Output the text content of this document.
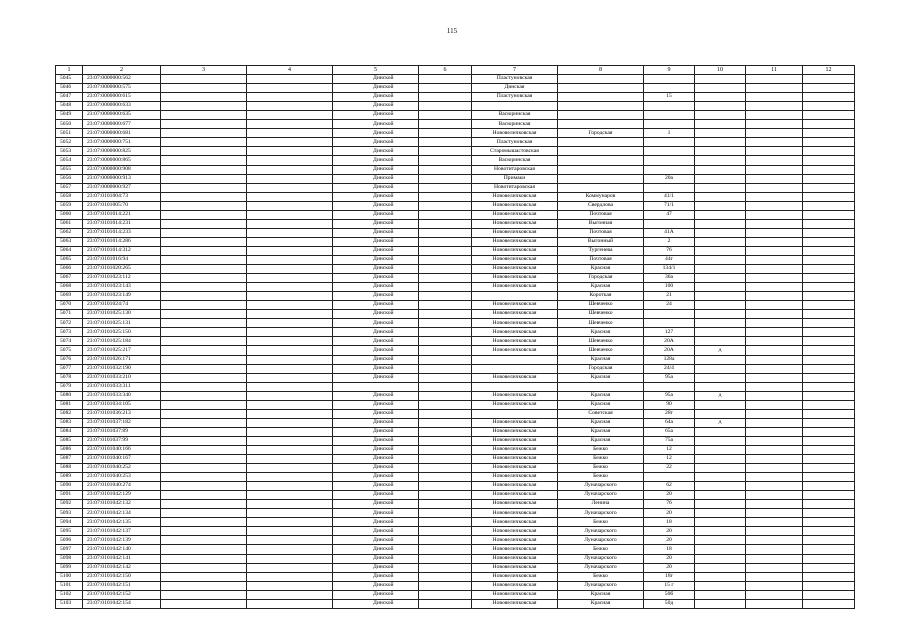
115
1	2	3	4	5	6	7	8	9	10	11	12
5045	23:07:0000000:562			Динской		Пластуновская					
5046	23:07:0000000:575			Динской		Динская					
5047	23:07:0000000:615			Динской		Пластуновская		15			
5048	23:07:0000000:633			Динской							
5049	23:07:0000000:635			Динской		Васюринская					
5050	23:07:0000000:677			Динской		Васюринская					
5051	23:07:0000000:681			Динской		Нововеличковская	Городская	1			
5052	23:07:0000000:751			Динской		Пластуновская					
5053	23:07:0000000:825			Динской		Старомышастовская					
5054	23:07:0000000:865			Динской		Васюринская					
5055	23:07:0000000:908			Динской		Новотитаровская					
5056	23:07:0000000:913			Динской		Примаки		20а			
5057	23:07:0000000:927			Динской		Новотитаровская					
5058	23:07:0101004:73			Динской		Нововеличковская	Коммунаров	41/1			
5059	23:07:0101005:70			Динской		Нововеличковская	Свердлова	71/1			
5060	23:07:0101014:221			Динской		Нововеличковская	Почтовая	47			
5061	23:07:0101014:231			Динской		Нововеличковская	Выгонная				
5062	23:07:0101014:233			Динской		Нововеличковская	Почтовая	41А			
5063	23:07:0101014:286			Динской		Нововеличковская	Выгонный	2			
5064	23:07:0101014:312			Динской		Нововеличковская	Тургенева	76			
5065	23:07:0101016:94			Динской		Нововеличковская	Почтовая	44г			
5066	23:07:0101020:265			Динской		Нововеличковская	Красная	134/1			
5067	23:07:0101023:112			Динской		Нововеличковская	Городская	36а			
5068	23:07:0101023:143			Динской		Нововеличковская	Красная	100			
5069	23:07:0101023:149			Динской			Короткая	21			
5070	23:07:0101024:74			Динской		Нововеличковская	Шевченко	24			
5071	23:07:0101025:130			Динской		Нововеличковская	Шевченко				
5072	23:07:0101025:131			Динской		Нововеличковская	Шевченко				
5073	23:07:0101025:150			Динской		Нововеличковская	Красная	127			
5074	23:07:0101025:184			Динской		Нововеличковская	Шевченко	20А			
5075	23:07:0101025:217			Динской		Нововеличковская	Шевченко	20А	д		
5076	23:07:0101026:171			Динской			Красная	128а			
5077	23:07:0101032:190			Динской			Городская	24/4			
5078	23:07:0101033:210			Динской		Нововеличковская	Красная	95а			
5079	23:07:0101033:311										
5080	23:07:0101033:340			Динской		Нововеличковская	Красная	95а	д		
5081	23:07:0101034:105			Динской		Нововеличковская	Красная	90			
5082	23:07:0101036:213			Динской			Советская	28г			
5083	23:07:0101037:182			Динской		Нововеличковская	Красная	64а	д		
5084	23:07:0101037:89			Динской		Нововеличковская	Красная	65а			
5085	23:07:0101037:99			Динской		Нововеличковская	Красная	75а			
5086	23:07:0101040:166			Динской		Нововеличковская	Бежко	12			
5087	23:07:0101040:167			Динской		Нововеличковская	Бежко	12			
5088	23:07:0101040:252			Динской		Нововеличковская	Бежко	22			
5089	23:07:0101040:253			Динской		Нововеличковская	Бежко				
5090	23:07:0101040:274			Динской		Нововеличковская	Луначарского	62			
5091	23:07:0101042:129			Динской		Нововеличковская	Луначарского	20			
5092	23:07:0101042:132			Динской		Нововеличковская	Ленина	76			
5093	23:07:0101042:134			Динской		Нововеличковская	Луначарского	20			
5094	23:07:0101042:135			Динской		Нововеличковская	Бежко	18			
5095	23:07:0101042:137			Динской		Нововеличковская	Луначарского	20			
5096	23:07:0101042:139			Динской		Нововеличковская	Луначарского	20			
5097	23:07:0101042:140			Динской		Нововеличковская	Бежко	18			
5098	23:07:0101042:141			Динской		Нововеличковская	Луначарского	20			
5099	23:07:0101042:142			Динской		Нововеличковская	Луначарского	20			
5100	23:07:0101042:150			Динской		Нововеличковская	Бежко	18г			
5101	23:07:0101042:151			Динской		Нововеличковская	Луначарского	15 г			
5102	23:07:0101042:152			Динской		Нововеличковская	Красная	50б			
5103	23:07:0101042:154			Динской		Нововеличковская	Красная	50д			
